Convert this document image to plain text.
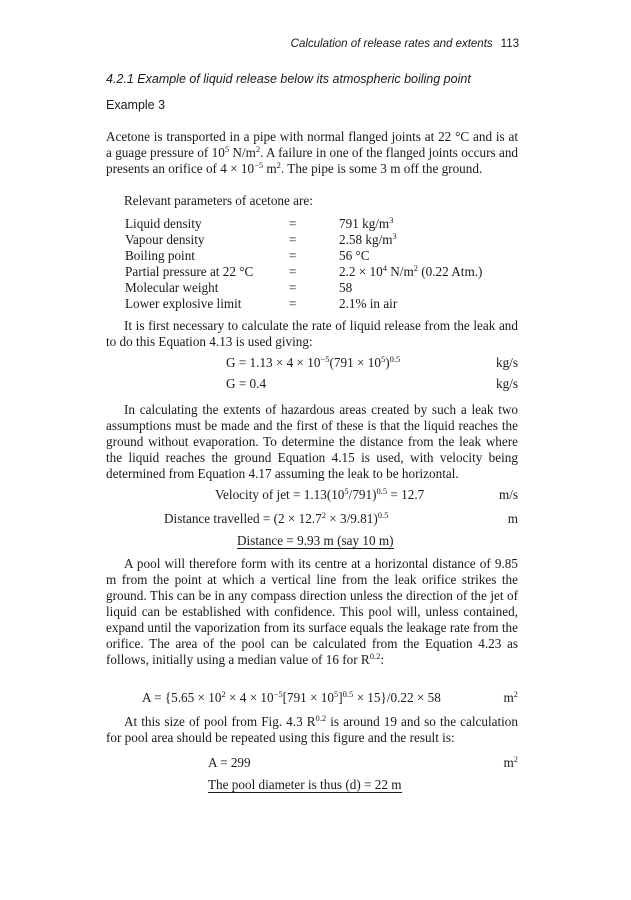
Calculation of release rates and extents 113
4.2.1 Example of liquid release below its atmospheric boiling point
Example 3
Acetone is transported in a pipe with normal flanged joints at 22 °C and is at a guage pressure of $10^5$ $N/m^2$. A failure in one of the flanged joints occurs and presents an orifice of $4 \times 10^{-5}$ $m^2$. The pipe is some 3 m off the ground.
Relevant parameters of acetone are:
Liquid density	=	791 $kg/m^3$
Vapour density	=	2.58 $kg/m^3$
Boiling point	=	56 °C
Partial pressure at 22 °C	=	$2.2 \times 10^4$ $N/m^2$ (0.22 Atm.)
Molecular weight	=	58
Lower explosive limit	=	2.1% in air
It is first necessary to calculate the rate of liquid release from the leak and to do this Equation 4.13 is used giving:
$G = 1.13 \times 4 \times 10^{-5}(791 \times 10^5)^{0.5}$	kg/s
G = 0.4	kg/s
In calculating the extents of hazardous areas created by such a leak two assumptions must be made and the first of these is that the liquid reaches the ground without evaporation. To determine the distance from the leak where the liquid reaches the ground Equation 4.15 is used, with velocity being determined from Equation 4.17 assuming the leak to be horizontal.
Velocity of jet = $1.13(10^5/791)^{0.5} = 12.7$	m/s
Distance travelled = $(2 \times 12.7^2 \times 3/9.81)^{0.5}$	m
Distance = 9.93 m (say 10 m)
A pool will therefore form with its centre at a horizontal distance of 9.85 m from the point at which a vertical line from the leak orifice strikes the ground. This can be in any compass direction unless the direction of the jet of liquid can be established with confidence. This pool will, unless contained, expand until the vaporization from its surface equals the leakage rate from the orifice. The area of the pool can be calculated from the Equation 4.23 as follows, initially using a median value of 16 for $R^{0.2}$:
$A = \{5.65 \times 10^2 \times 4 \times 10^{-5}[791 \times 10^5]^{0.5} \times 15\}/0.22 \times 58$	$m^2$
At this size of pool from Fig. 4.3 $R^{0.2}$ is around 19 and so the calculation for pool area should be repeated using this figure and the result is:
A = 299	$m^2$
The pool diameter is thus (d) = 22 m
